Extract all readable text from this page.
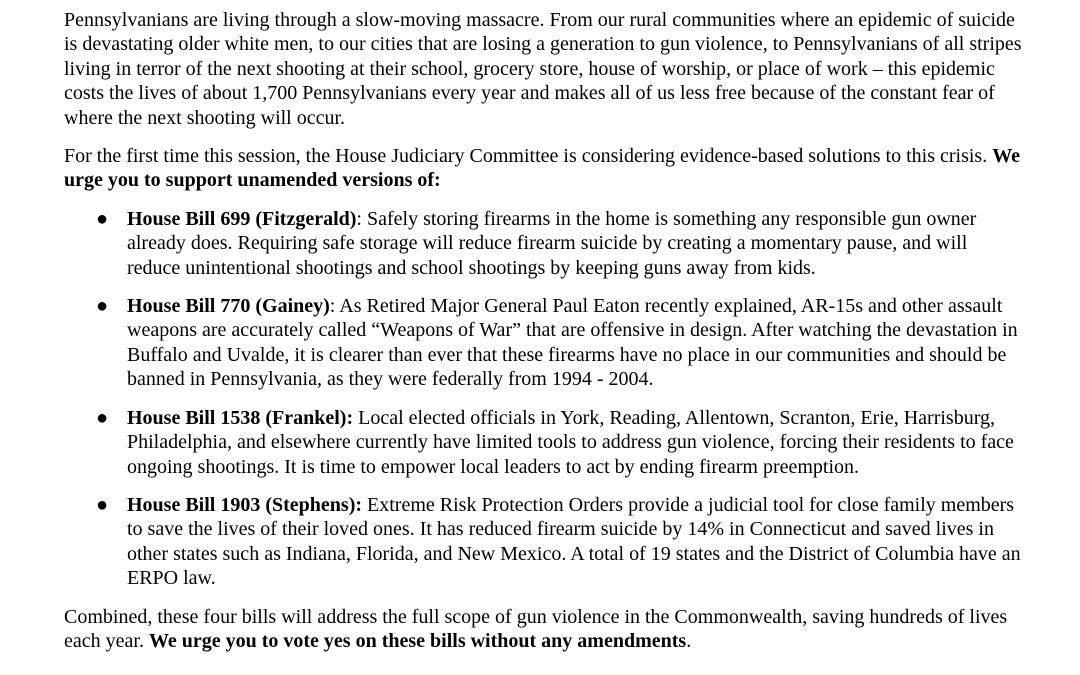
Pennsylvanians are living through a slow-moving massacre. From our rural communities where an epidemic of suicide is devastating older white men, to our cities that are losing a generation to gun violence, to Pennsylvanians of all stripes living in terror of the next shooting at their school, grocery store, house of worship, or place of work – this epidemic costs the lives of about 1,700 Pennsylvanians every year and makes all of us less free because of the constant fear of where the next shooting will occur.

For the first time this session, the House Judiciary Committee is considering evidence-based solutions to this crisis. We urge you to support unamended versions of:

● House Bill 699 (Fitzgerald): Safely storing firearms in the home is something any responsible gun owner already does. Requiring safe storage will reduce firearm suicide by creating a momentary pause, and will reduce unintentional shootings and school shootings by keeping guns away from kids.
● House Bill 770 (Gainey): As Retired Major General Paul Eaton recently explained, AR-15s and other assault weapons are accurately called “Weapons of War” that are offensive in design. After watching the devastation in Buffalo and Uvalde, it is clearer than ever that these firearms have no place in our communities and should be banned in Pennsylvania, as they were federally from 1994 - 2004.
● House Bill 1538 (Frankel): Local elected officials in York, Reading, Allentown, Scranton, Erie, Harrisburg, Philadelphia, and elsewhere currently have limited tools to address gun violence, forcing their residents to face ongoing shootings. It is time to empower local leaders to act by ending firearm preemption.
● House Bill 1903 (Stephens): Extreme Risk Protection Orders provide a judicial tool for close family members to save the lives of their loved ones. It has reduced firearm suicide by 14% in Connecticut and saved lives in other states such as Indiana, Florida, and New Mexico. A total of 19 states and the District of Columbia have an ERPO law.

Combined, these four bills will address the full scope of gun violence in the Commonwealth, saving hundreds of lives each year. We urge you to vote yes on these bills without any amendments.
